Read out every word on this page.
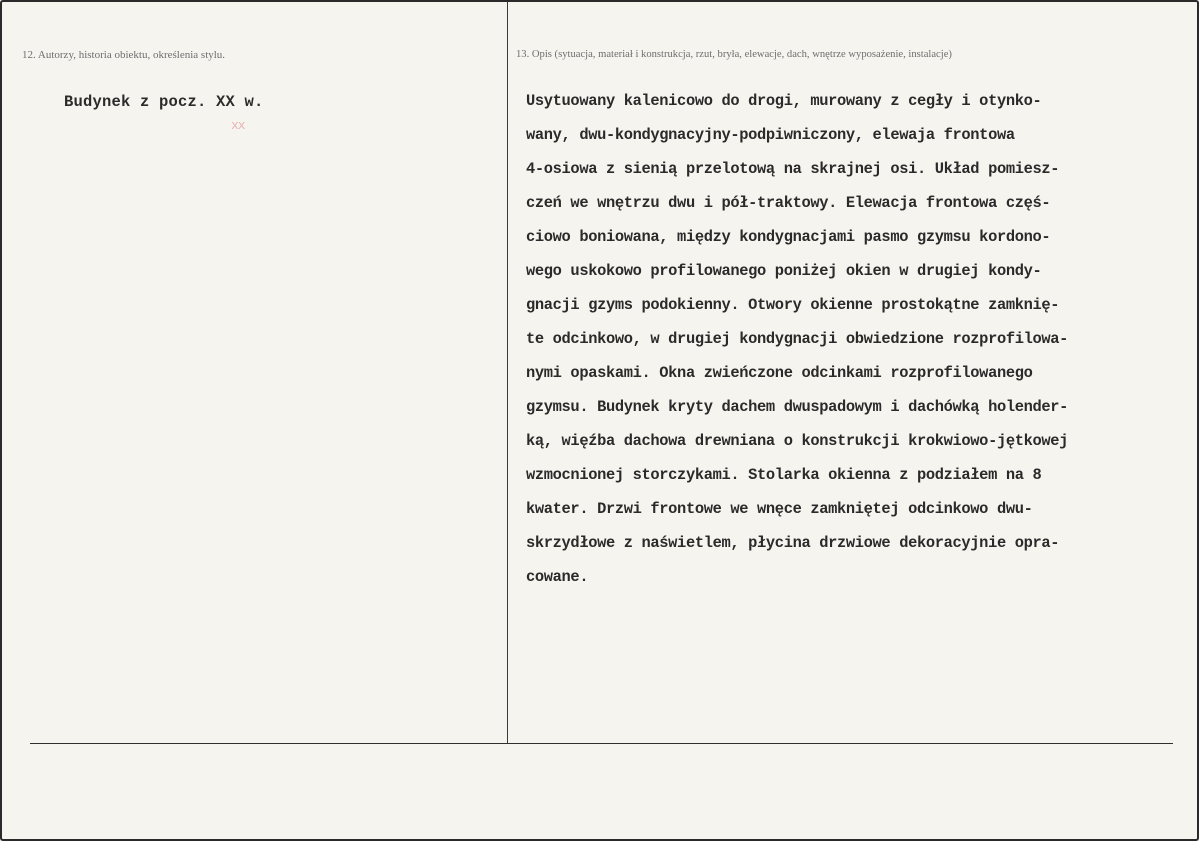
12. Autorzy, historia obiektu, określenia stylu.
Budynek z pocz. XX w.
xx
13. Opis (sytuacja, materiał i konstrukcja, rzut, bryła, elewacje, dach, wnętrze wyposażenie, instalacje)
Usytuowany kalenicowo do drogi, murowany z cegły i otynko-
wany, dwu-kondygnacyjny-podpiwniczony, elewaja frontowa
4-osiowa z sienią przelotową na skrajnej osi. Układ pomiesz-
czeń we wnętrzu dwu i pół-traktowy. Elewacja frontowa częś-
ciowo boniowana, między kondygnacjami pasmo gzymsu kordono-
wego uskokowo profilowanego poniżej okien w drugiej kondy-
gnacji gzyms podokienny. Otwory okienne prostokątne zamknię-
te odcinkowo, w drugiej kondygnacji obwiedzione rozprofilowa-
nymi opaskami. Okna zwieńczone odcinkami rozprofilowanego
gzymsu. Budynek kryty dachem dwuspadowym i dachówką holender-
ką, więźba dachowa drewniana o konstrukcji krokwiowo-jętkowej
wzmocnionej storczykami. Stolarka okienna z podziałem na 8
kwater. Drzwi frontowe we wnęce zamkniętej odcinkowo dwu-
skrzydłowe z naświetlem, płycina drzwiowe dekoracyjnie opra-
cowane.
